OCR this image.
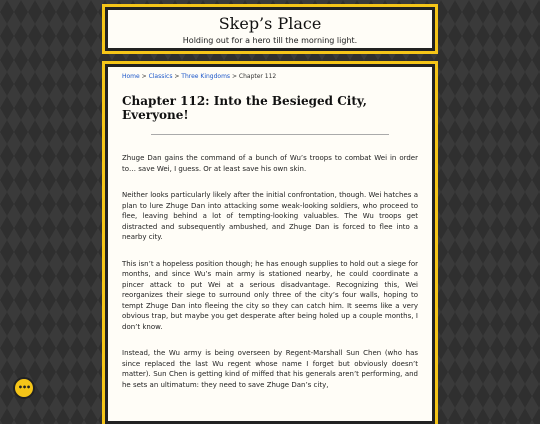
Skep’s Place
Holding out for a hero till the morning light.
Home > Classics > Three Kingdoms > Chapter 112
Chapter 112: Into the Besieged City, Everyone!

Zhuge Dan gains the command of a bunch of Wu’s troops to combat Wei in order to… save Wei, I guess. Or at least save his own skin.

Neither looks particularly likely after the initial confrontation, though. Wei hatches a plan to lure Zhuge Dan into attacking some weak-looking soldiers, who proceed to flee, leaving behind a lot of tempting-looking valuables. The Wu troops get distracted and subsequently ambushed, and Zhuge Dan is forced to flee into a nearby city.

This isn’t a hopeless position though; he has enough supplies to hold out a siege for months, and since Wu’s main army is stationed nearby, he could coordinate a pincer attack to put Wei at a serious disadvantage. Recognizing this, Wei reorganizes their siege to surround only three of the city’s four walls, hoping to tempt Zhuge Dan into fleeing the city so they can catch him. It seems like a very obvious trap, but maybe you get desperate after being holed up a couple months, I don’t know.

Instead, the Wu army is being overseen by Regent-Marshall Sun Chen (who has since replaced the last Wu regent whose name I forget but obviously doesn’t matter). Sun Chen is getting kind of miffed that his generals aren’t performing, and he sets an ultimatum: they need to save Zhuge Dan’s city,

•••
